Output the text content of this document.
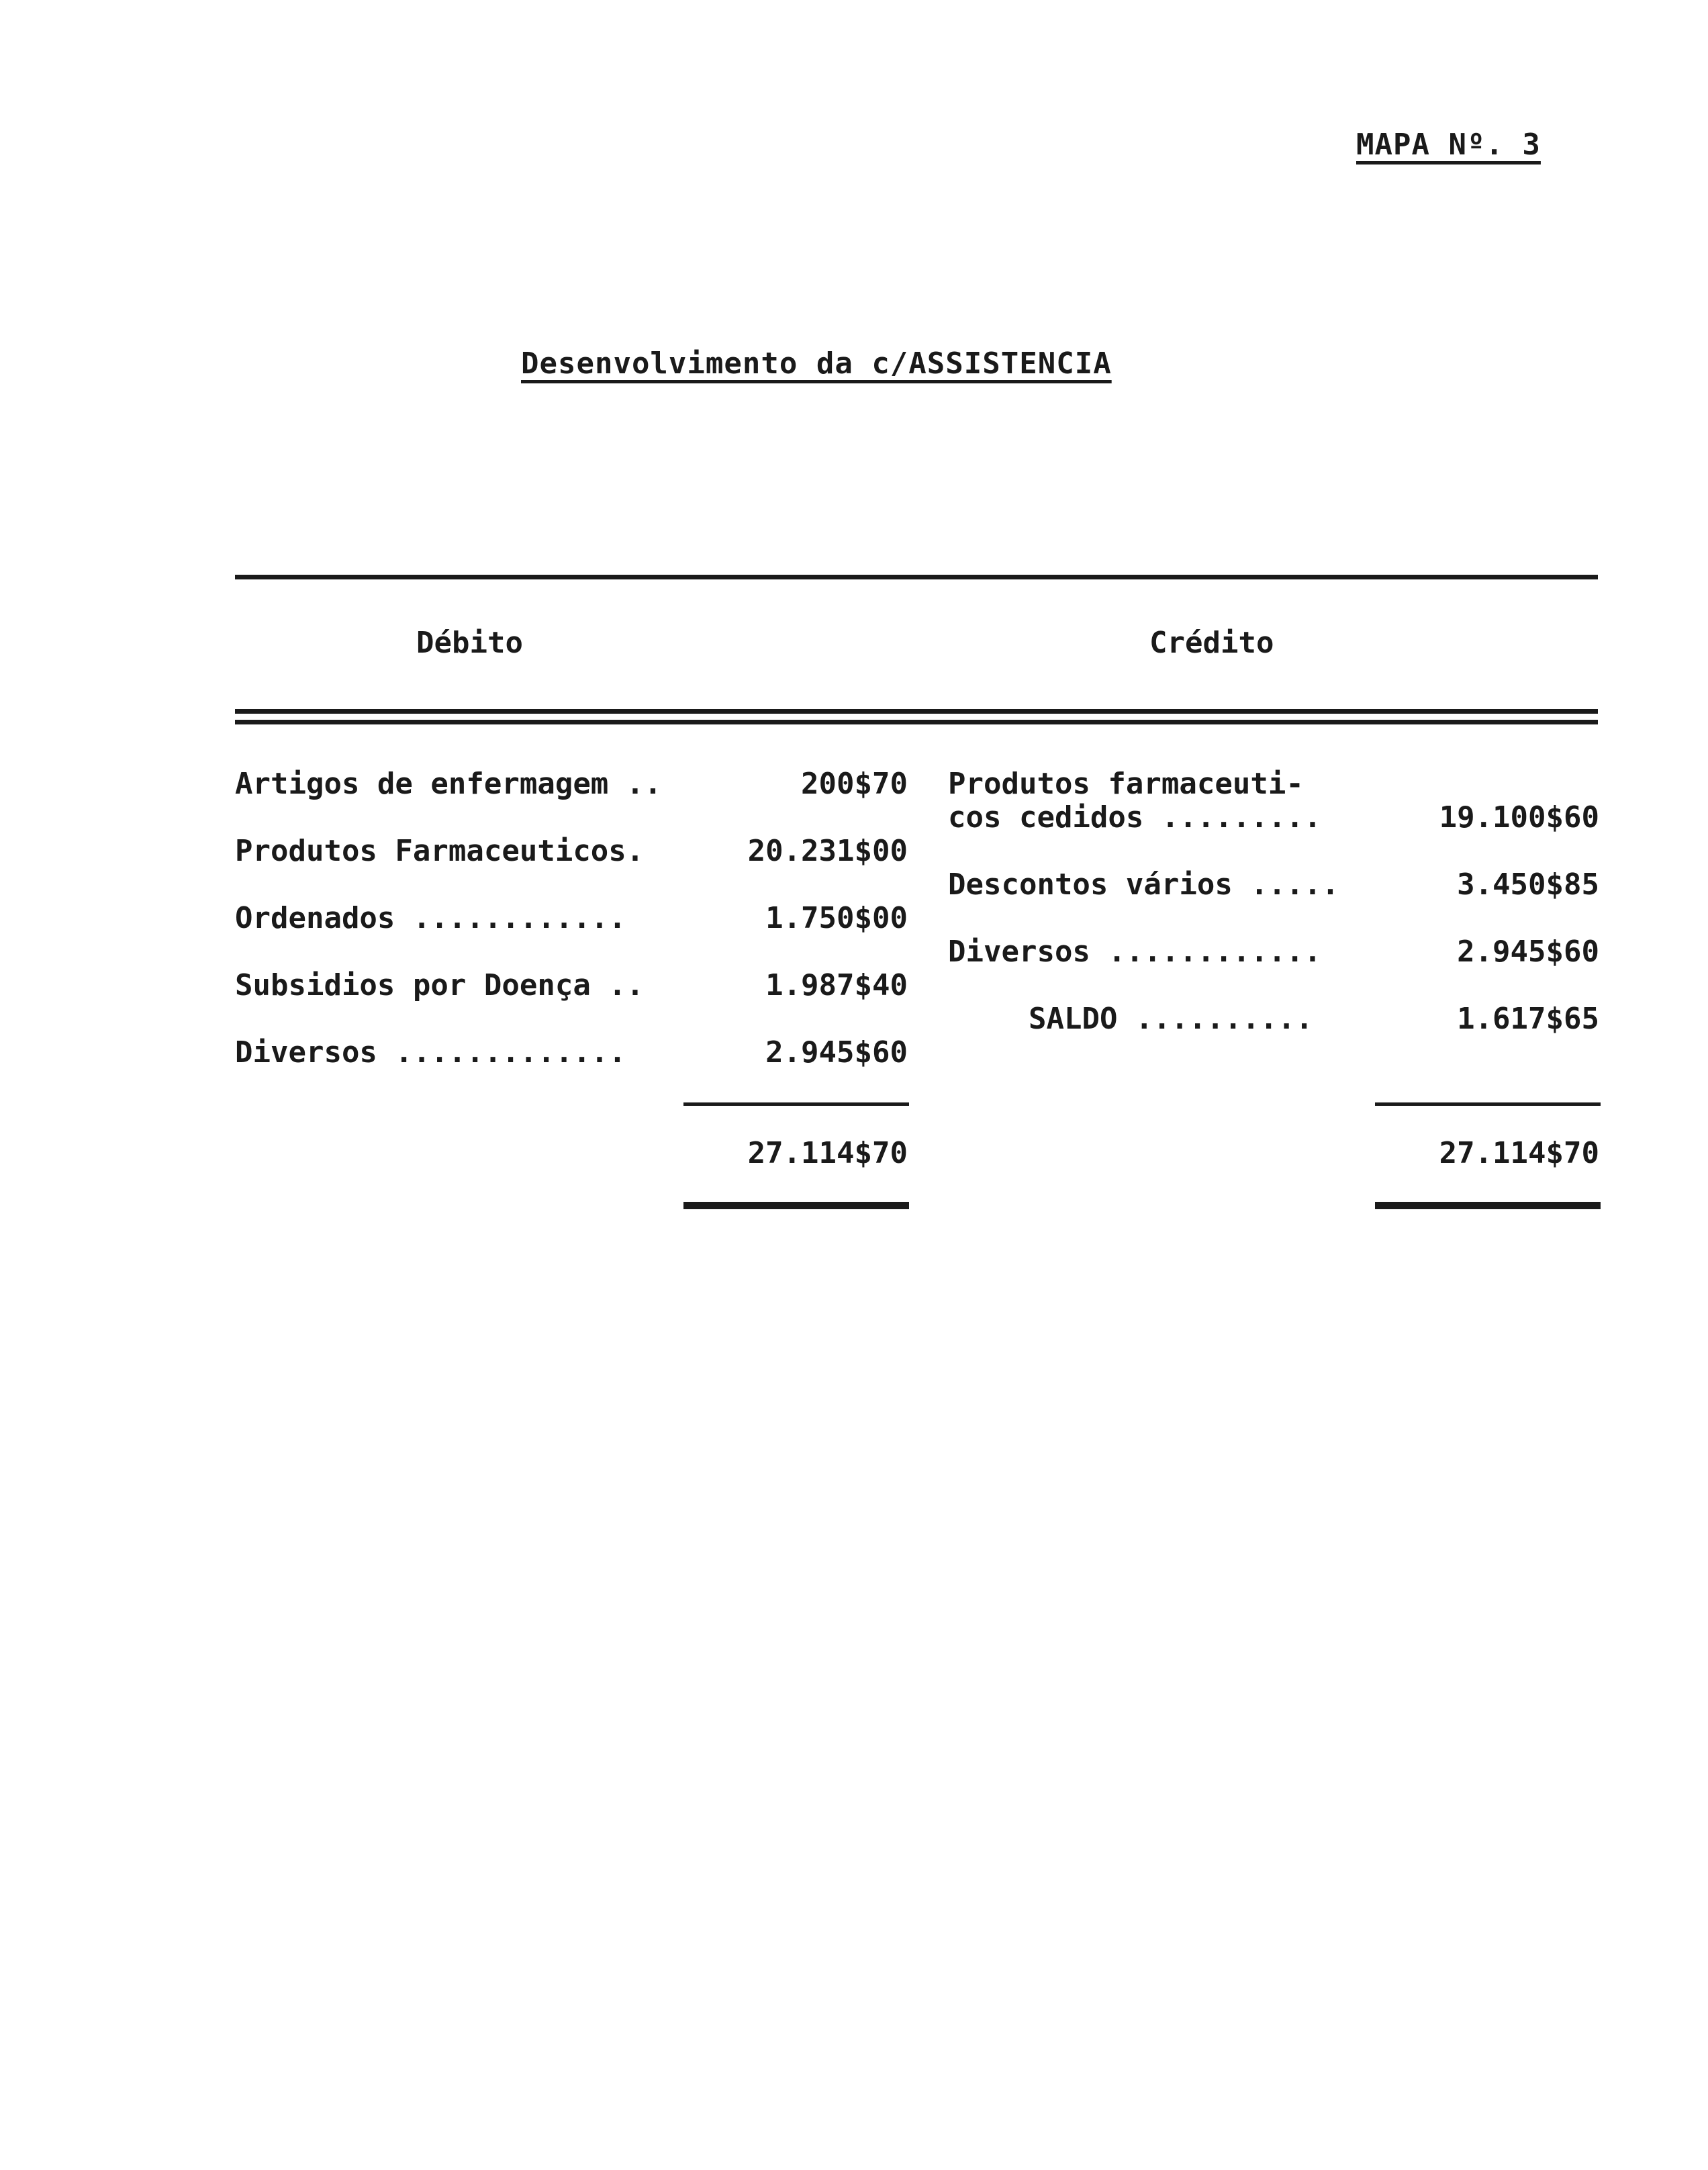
MAPA Nº. 3
Desenvolvimento da c/ASSISTENCIA
Débito	Crédito
Artigos de enfermagem ..	200$70
Produtos Farmaceuticos.	20.231$00
Ordenados ............	1.750$00
Subsidios por Doença ..	1.987$40
Diversos .............	2.945$60
27.114$70
Produtos farmaceuti-
cos cedidos .........	19.100$60
Descontos vários .....	3.450$85
Diversos ............	2.945$60
SALDO ..........	1.617$65
27.114$70
